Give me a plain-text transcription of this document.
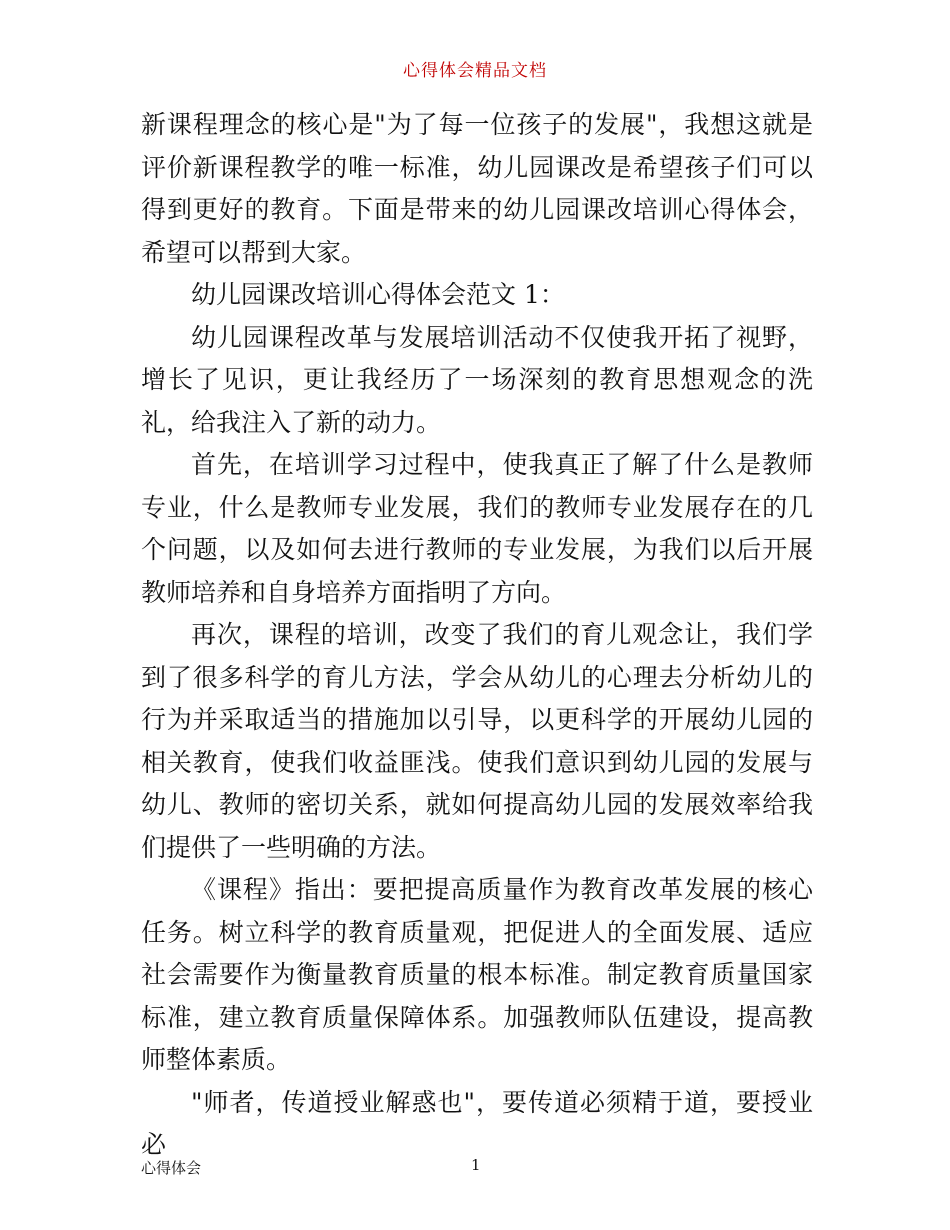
心得体会精品文档

新课程理念的核心是"为了每一位孩子的发展"，我想这就是评价新课程教学的唯一标准，幼儿园课改是希望孩子们可以得到更好的教育。下面是带来的幼儿园课改培训心得体会，希望可以帮到大家。

幼儿园课改培训心得体会范文 1：

幼儿园课程改革与发展培训活动不仅使我开拓了视野，增长了见识，更让我经历了一场深刻的教育思想观念的洗礼，给我注入了新的动力。

首先，在培训学习过程中，使我真正了解了什么是教师专业，什么是教师专业发展，我们的教师专业发展存在的几个问题，以及如何去进行教师的专业发展，为我们以后开展教师培养和自身培养方面指明了方向。

再次，课程的培训，改变了我们的育儿观念让，我们学到了很多科学的育儿方法，学会从幼儿的心理去分析幼儿的行为并采取适当的措施加以引导，以更科学的开展幼儿园的相关教育，使我们收益匪浅。使我们意识到幼儿园的发展与幼儿、教师的密切关系，就如何提高幼儿园的发展效率给我们提供了一些明确的方法。

《课程》指出：要把提高质量作为教育改革发展的核心任务。树立科学的教育质量观，把促进人的全面发展、适应社会需要作为衡量教育质量的根本标准。制定教育质量国家标准，建立教育质量保障体系。加强教师队伍建设，提高教师整体素质。

"师者，传道授业解惑也"，要传道必须精于道，要授业必

心得体会	1
